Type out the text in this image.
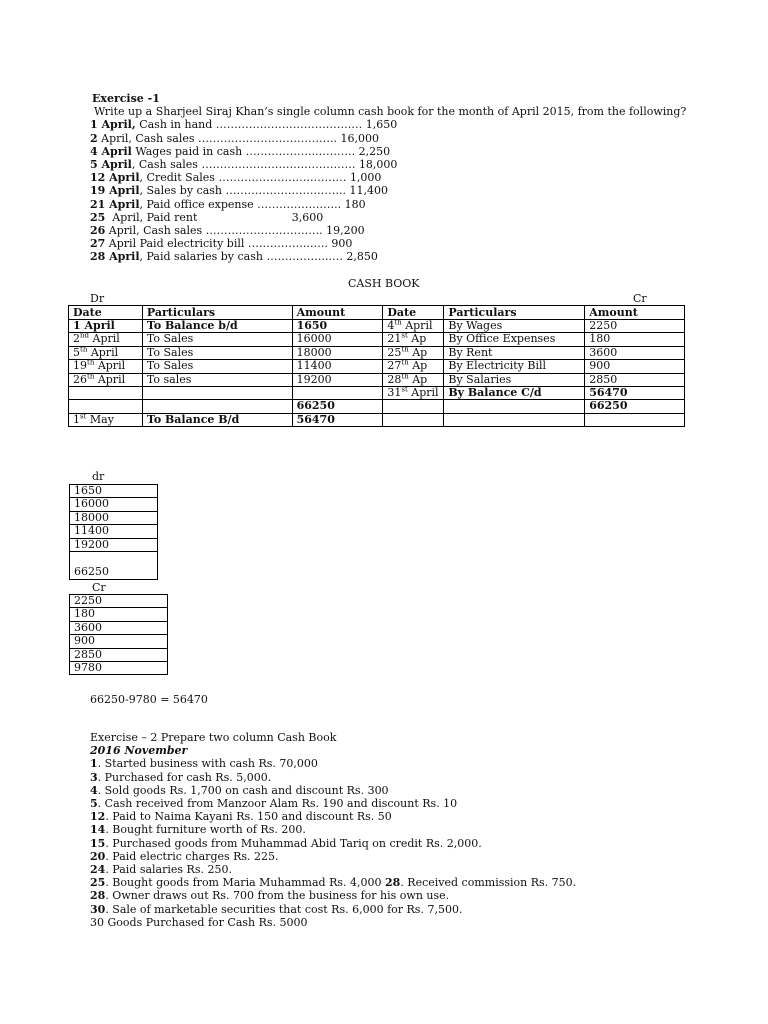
Exercise -1
Write up a Sharjeel Siraj Khan’s single column cash book for the month of April 2015, from the following?
1 April, Cash in hand ……………………………….… 1,650
2 April, Cash sales ……………………………….. 16,000
4 April Wages paid in cash ………………..………. 2,250
5 April, Cash sales …………………………………… 18,000
12 April, Credit Sales ……………………..……… 1,000
19 April, Sales by cash …………………….…….. 11,400
21 April, Paid office expense ………………….. 180
25  April, Paid rent                           3,600
26 April, Cash sales ………………………….. 19,200
27 April Paid electricity bill ……………..….. 900
28 April, Paid salaries by cash ……………...… 2,850
CASH BOOK
Dr	Cr
Date	Particulars	Amount	Date	Particulars	Amount
1 April	To Balance b/d	1650	4th April	By Wages	2250
2nd April	To Sales	16000	21st Ap	By Office Expenses	180
5th April	To Sales	18000	25th Ap	By Rent	3600
19th April	To Sales	11400	27th Ap	By Electricity Bill	900
26th April	To sales	19200	28th Ap	By Salaries	2850
			31st April	By Balance C/d	56470
		66250			66250
1st May	To Balance B/d	56470			
dr
1650
16000
18000
11400
19200
66250
Cr
2250
180
3600
900
2850
9780
66250-9780 = 56470
Exercise – 2 Prepare two column Cash Book
2016 November
1. Started business with cash Rs. 70,000
3. Purchased for cash Rs. 5,000.
4. Sold goods Rs. 1,700 on cash and discount Rs. 300
5. Cash received from Manzoor Alam Rs. 190 and discount Rs. 10
12. Paid to Naima Kayani Rs. 150 and discount Rs. 50
14. Bought furniture worth of Rs. 200.
15. Purchased goods from Muhammad Abid Tariq on credit Rs. 2,000.
20. Paid electric charges Rs. 225.
24. Paid salaries Rs. 250.
25. Bought goods from Maria Muhammad Rs. 4,000 28. Received commission Rs. 750.
28. Owner draws out Rs. 700 from the business for his own use.
30. Sale of marketable securities that cost Rs. 6,000 for Rs. 7,500.
30 Goods Purchased for Cash Rs. 5000
